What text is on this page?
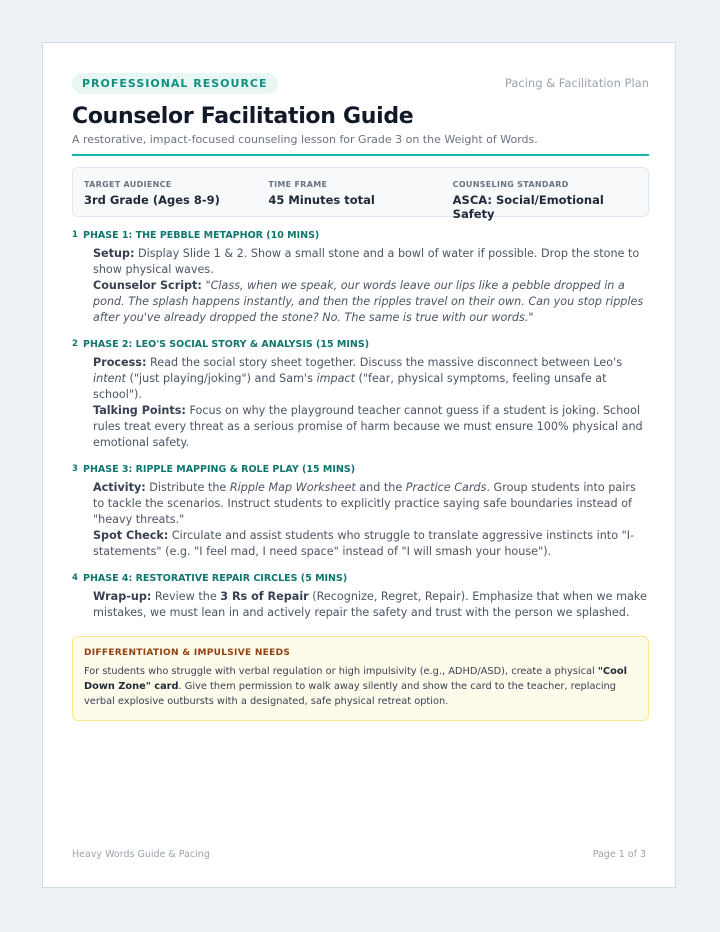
PROFESSIONAL RESOURCE	Pacing & Facilitation Plan
Counselor Facilitation Guide
A restorative, impact-focused counseling lesson for Grade 3 on the Weight of Words.
TARGET AUDIENCE
3rd Grade (Ages 8-9)
TIME FRAME
45 Minutes total
COUNSELING STANDARD
ASCA: Social/Emotional Safety
1 PHASE 1: THE PEBBLE METAPHOR (10 MINS)
Setup: Display Slide 1 & 2. Show a small stone and a bowl of water if possible. Drop the stone to show physical waves.
Counselor Script: "Class, when we speak, our words leave our lips like a pebble dropped in a pond. The splash happens instantly, and then the ripples travel on their own. Can you stop ripples after you've already dropped the stone? No. The same is true with our words."
2 PHASE 2: LEO'S SOCIAL STORY & ANALYSIS (15 MINS)
Process: Read the social story sheet together. Discuss the massive disconnect between Leo's intent ("just playing/joking") and Sam's impact ("fear, physical symptoms, feeling unsafe at school").
Talking Points: Focus on why the playground teacher cannot guess if a student is joking. School rules treat every threat as a serious promise of harm because we must ensure 100% physical and emotional safety.
3 PHASE 3: RIPPLE MAPPING & ROLE PLAY (15 MINS)
Activity: Distribute the Ripple Map Worksheet and the Practice Cards. Group students into pairs to tackle the scenarios. Instruct students to explicitly practice saying safe boundaries instead of "heavy threats."
Spot Check: Circulate and assist students who struggle to translate aggressive instincts into "I-statements" (e.g. "I feel mad, I need space" instead of "I will smash your house").
4 PHASE 4: RESTORATIVE REPAIR CIRCLES (5 MINS)
Wrap-up: Review the 3 Rs of Repair (Recognize, Regret, Repair). Emphasize that when we make mistakes, we must lean in and actively repair the safety and trust with the person we splashed.
DIFFERENTIATION & IMPULSIVE NEEDS
For students who struggle with verbal regulation or high impulsivity (e.g., ADHD/ASD), create a physical "Cool Down Zone" card. Give them permission to walk away silently and show the card to the teacher, replacing verbal explosive outbursts with a designated, safe physical retreat option.
Heavy Words Guide & Pacing	Page 1 of 3
